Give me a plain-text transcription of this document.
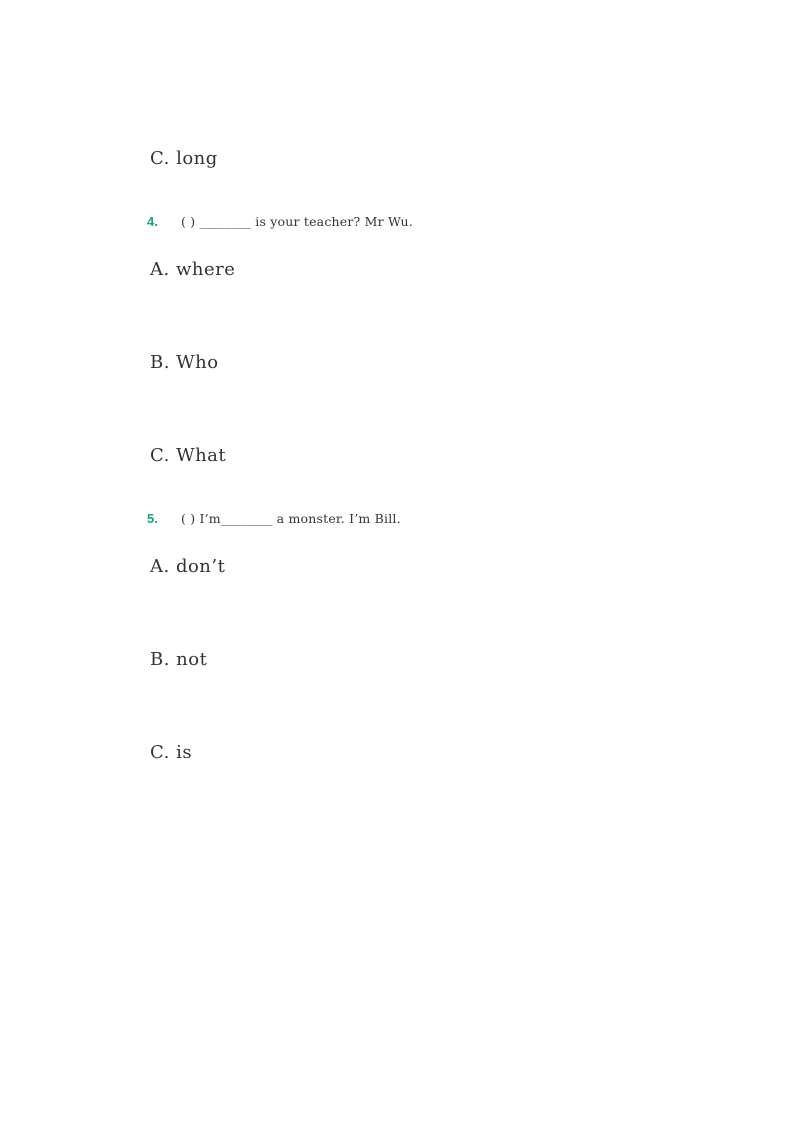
C. long
4.	( ) ________ is your teacher? Mr Wu.
A. where
B. Who
C. What
5.	( ) I’m________ a monster. I’m Bill.
A. don’t
B. not
C. is
